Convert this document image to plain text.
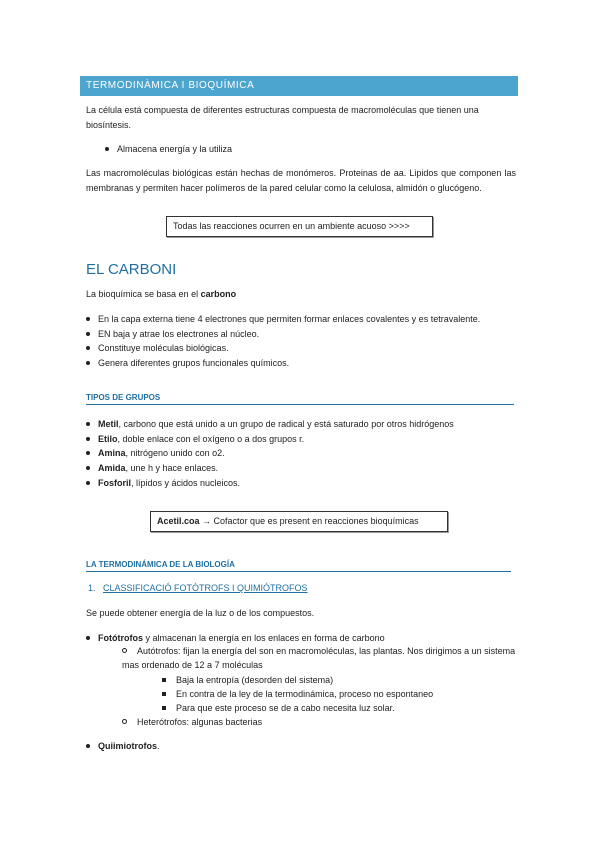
TERMODINÀMICA I BIOQUÍMICA
La célula está compuesta de diferentes estructuras compuesta de macromoléculas que tienen una biosíntesis.
Almacena energía y la utiliza
Las macromoléculas biológicas están hechas de monómeros. Proteinas de aa. Lipidos que componen las membranas y permiten hacer polímeros de la pared celular como la celulosa, almidón o glucógeno.
Todas las reacciones ocurren en un ambiente acuoso >>>>
EL CARBONI
La bioquímica se basa en el carbono
En la capa externa tiene 4 electrones que permiten formar enlaces covalentes y es tetravalente.
EN baja y atrae los electrones al núcleo.
Constituye moléculas biológicas.
Genera diferentes grupos funcionales químicos.
TIPOS DE GRUPOS
Metil, carbono que está unido a un grupo de radical y está saturado por otros hidrógenos
Etilo, doble enlace con el oxígeno o a dos grupos r.
Amina, nitrógeno unido con o2.
Amida, une h y hace enlaces.
Fosforil, lípidos y ácidos nucleicos.
Acetil.coa → Cofactor que es present en reacciones bioquímicas
LA TERMODINÁMICA DE LA BIOLOGÍA
1. CLASSIFICACIÓ FOTÓTROFS I QUIMIÓTROFOS
Se puede obtener energía de la luz o de los compuestos.
Fotótrofos y almacenan la energía en los enlaces en forma de carbono
Autótrofos: fijan la energía del son en macromoléculas, las plantas. Nos dirigimos a un sistema mas ordenado de 12 a 7 moléculas
Baja la entropía (desorden del sistema)
En contra de la ley de la termodinámica, proceso no espontaneo
Para que este proceso se de a cabo necesita luz solar.
Heterótrofos: algunas bacterias
Quiimiotrofos.
